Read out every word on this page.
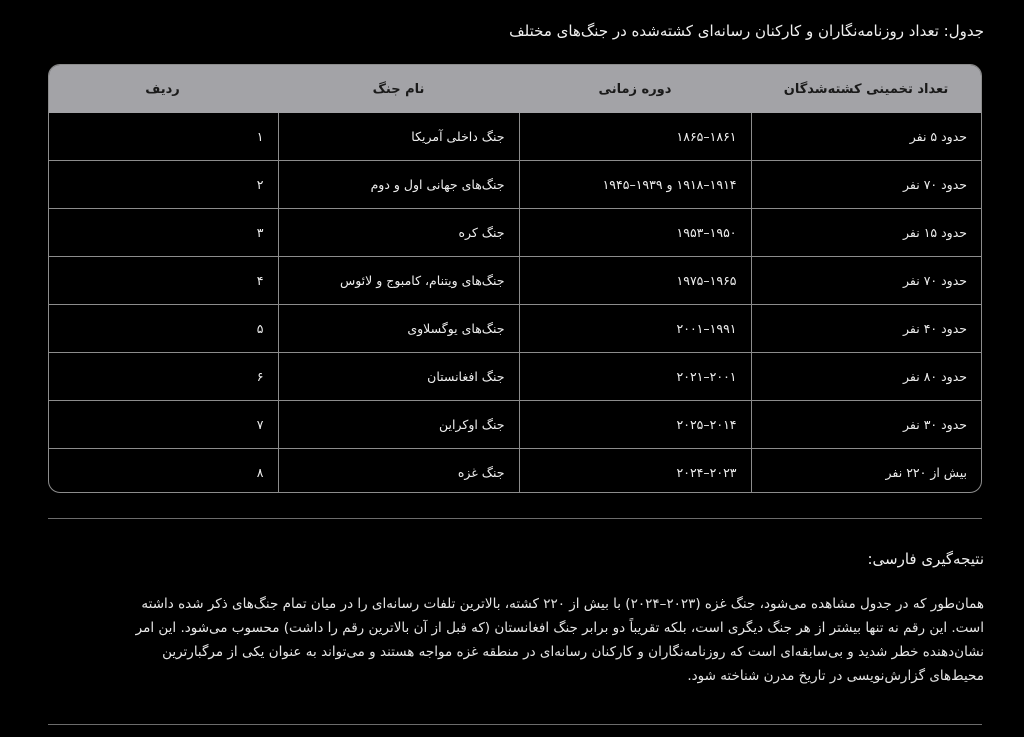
جدول: تعداد روزنامه‌نگاران و کارکنان رسانه‌ای کشته‌شده در جنگ‌های مختلف
تعداد تخمینی کشته‌شدگان	دوره زمانی	نام جنگ	ردیف
حدود ۵ نفر	۱۸۶۱–۱۸۶۵	جنگ داخلی آمریکا	۱
حدود ۷۰ نفر	۱۹۱۴–۱۹۱۸ و ۱۹۳۹–۱۹۴۵	جنگ‌های جهانی اول و دوم	۲
حدود ۱۵ نفر	۱۹۵۰–۱۹۵۳	جنگ کره	۳
حدود ۷۰ نفر	۱۹۶۵–۱۹۷۵	جنگ‌های ویتنام، کامبوج و لائوس	۴
حدود ۴۰ نفر	۱۹۹۱–۲۰۰۱	جنگ‌های یوگسلاوی	۵
حدود ۸۰ نفر	۲۰۰۱–۲۰۲۱	جنگ افغانستان	۶
حدود ۳۰ نفر	۲۰۱۴–۲۰۲۵	جنگ اوکراین	۷
بیش از ۲۲۰ نفر	۲۰۲۳–۲۰۲۴	جنگ غزه	۸
نتیجه‌گیری فارسی:

همان‌طور که در جدول مشاهده می‌شود، جنگ غزه (۲۰۲۳–۲۰۲۴) با بیش از ۲۲۰ کشته، بالاترین تلفات رسانه‌ای را در میان تمام جنگ‌های ذکر شده داشته
است. این رقم نه تنها بیشتر از هر جنگ دیگری است، بلکه تقریباً دو برابر جنگ افغانستان (که قبل از آن بالاترین رقم را داشت) محسوب می‌شود. این امر
نشان‌دهنده خطر شدید و بی‌سابقه‌ای است که روزنامه‌نگاران و کارکنان رسانه‌ای در منطقه غزه مواجه هستند و می‌تواند به عنوان یکی از مرگبارترین
محیط‌های گزارش‌نویسی در تاریخ مدرن شناخته شود.
